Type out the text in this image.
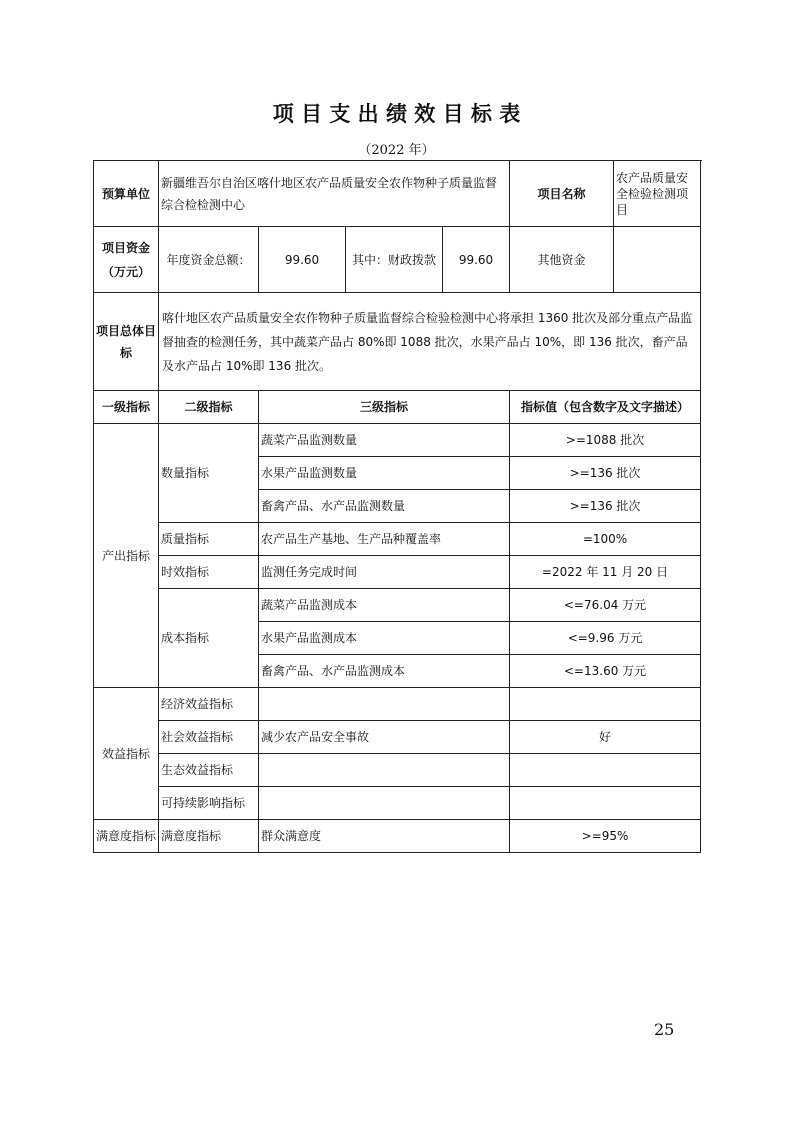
项 目 支 出 绩 效 目 标 表
（2022 年）
预算单位	新疆维吾尔自治区喀什地区农产品质量安全农作物种子质量监督综合检检测中心				项目名称	农产品质量安全检验检测项目
项目资金（万元）	年度资金总额：	99.60	其中：财政拨款	99.60	其他资金	
项目总体目标	喀什地区农产品质量安全农作物种子质量监督综合检验检测中心将承担 1360 批次及部分重点产品监督抽查的检测任务，其中蔬菜产品占 80%即 1088 批次，水果产品占 10%，即 136 批次，畜产品及水产品占 10%即 136 批次。					
一级指标	二级指标	三级指标			指标值（包含数字及文字描述）	
产出指标	数量指标	蔬菜产品监测数量			>=1088 批次	
		水果产品监测数量			>=136 批次	
		畜禽产品、水产品监测数量			>=136 批次	
	质量指标	农产品生产基地、生产品种覆盖率			=100%	
	时效指标	监测任务完成时间			=2022 年 11 月 20 日	
	成本指标	蔬菜产品监测成本			<=76.04 万元	
		水果产品监测成本			<=9.96 万元	
		畜禽产品、水产品监测成本			<=13.60 万元	
效益指标	经济效益指标					
	社会效益指标	减少农产品安全事故			好	
	生态效益指标					
	可持续影响指标					
满意度指标	满意度指标	群众满意度			>=95%	
25
